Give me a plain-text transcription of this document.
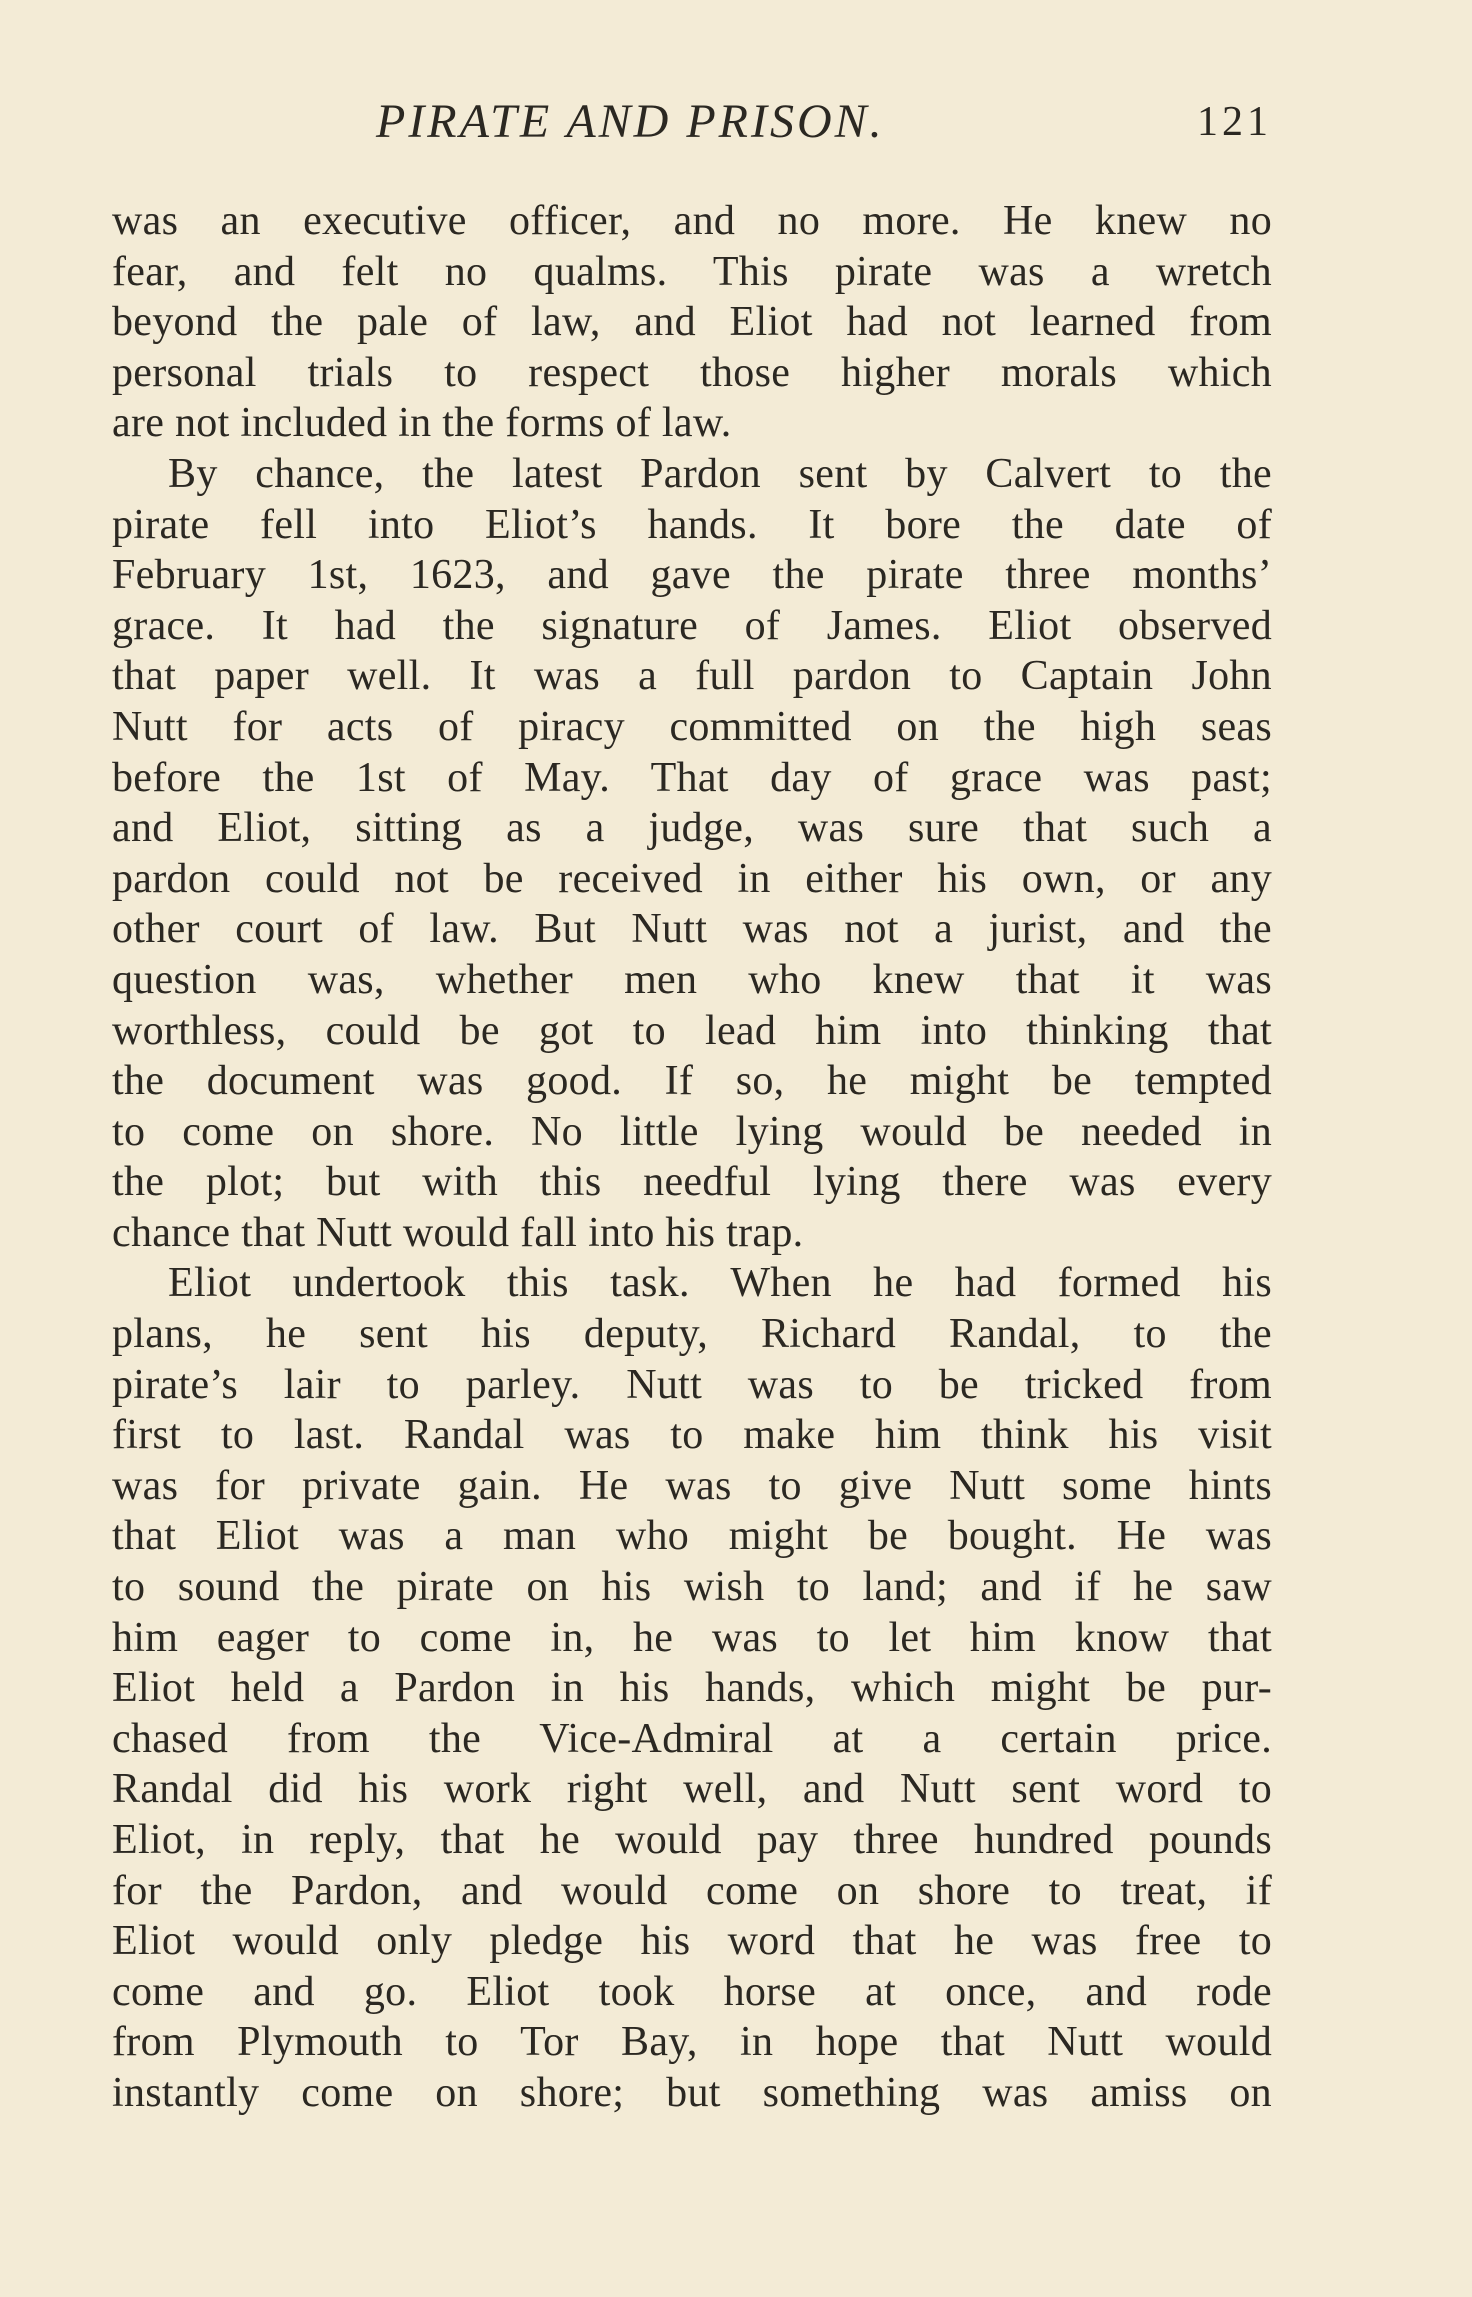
PIRATE AND PRISON.	121
was an executive officer, and no more. He knew no
fear, and felt no qualms. This pirate was a wretch
beyond the pale of law, and Eliot had not learned from
personal trials to respect those higher morals which
are not included in the forms of law.
By chance, the latest Pardon sent by Calvert to the
pirate fell into Eliot’s hands. It bore the date of
February 1st, 1623, and gave the pirate three months’
grace. It had the signature of James. Eliot observed
that paper well. It was a full pardon to Captain John
Nutt for acts of piracy committed on the high seas
before the 1st of May. That day of grace was past;
and Eliot, sitting as a judge, was sure that such a
pardon could not be received in either his own, or any
other court of law. But Nutt was not a jurist, and the
question was, whether men who knew that it was
worthless, could be got to lead him into thinking that
the document was good. If so, he might be tempted
to come on shore. No little lying would be needed in
the plot; but with this needful lying there was every
chance that Nutt would fall into his trap.
Eliot undertook this task. When he had formed his
plans, he sent his deputy, Richard Randal, to the
pirate’s lair to parley. Nutt was to be tricked from
first to last. Randal was to make him think his visit
was for private gain. He was to give Nutt some hints
that Eliot was a man who might be bought. He was
to sound the pirate on his wish to land; and if he saw
him eager to come in, he was to let him know that
Eliot held a Pardon in his hands, which might be pur-
chased from the Vice-Admiral at a certain price.
Randal did his work right well, and Nutt sent word to
Eliot, in reply, that he would pay three hundred pounds
for the Pardon, and would come on shore to treat, if
Eliot would only pledge his word that he was free to
come and go. Eliot took horse at once, and rode
from Plymouth to Tor Bay, in hope that Nutt would
instantly come on shore; but something was amiss on
